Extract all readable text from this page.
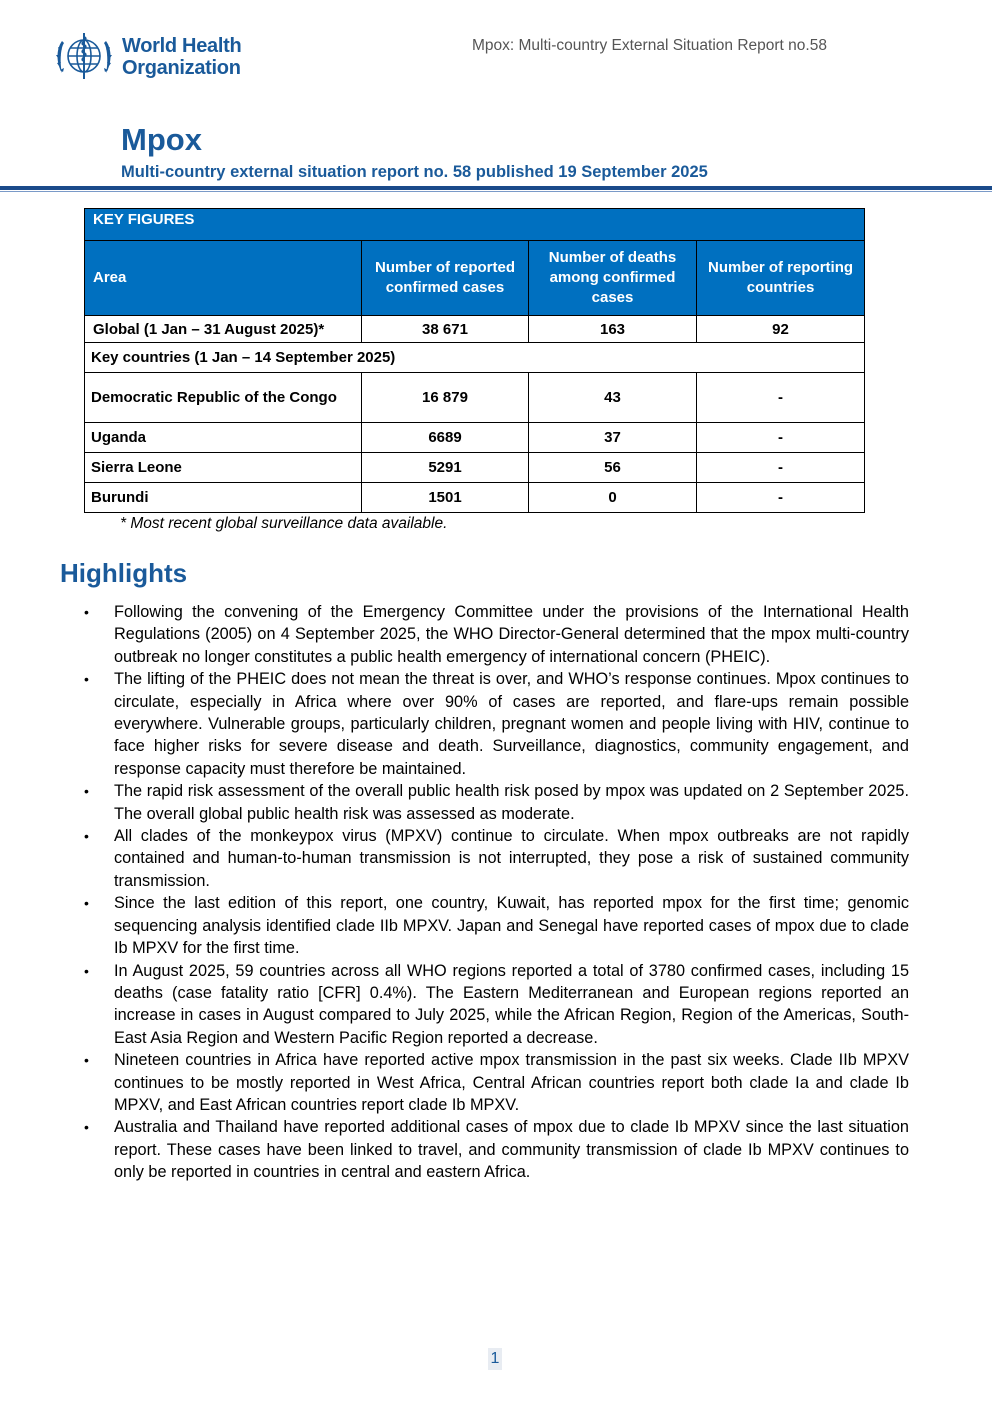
World Health
Organization
Mpox: Multi-country External Situation Report no.58
Mpox
Multi-country external situation report no. 58 published 19 September 2025
KEY FIGURES			
Area	Number of reported confirmed cases	Number of deaths among confirmed cases	Number of reporting countries
Global (1 Jan – 31 August 2025)*	38 671	163	92
Key countries (1 Jan – 14 September 2025)			
Democratic Republic of the Congo	16 879	43	-
Uganda	6689	37	-
Sierra Leone	5291	56	-
Burundi	1501	0	-
* Most recent global surveillance data available.
Highlights
• Following the convening of the Emergency Committee under the provisions of the International Health Regulations (2005) on 4 September 2025, the WHO Director-General determined that the mpox multi-country outbreak no longer constitutes a public health emergency of international concern (PHEIC).
• The lifting of the PHEIC does not mean the threat is over, and WHO’s response continues. Mpox continues to circulate, especially in Africa where over 90% of cases are reported, and flare-ups remain possible everywhere. Vulnerable groups, particularly children, pregnant women and people living with HIV, continue to face higher risks for severe disease and death. Surveillance, diagnostics, community engagement, and response capacity must therefore be maintained.
• The rapid risk assessment of the overall public health risk posed by mpox was updated on 2 September 2025. The overall global public health risk was assessed as moderate.
• All clades of the monkeypox virus (MPXV) continue to circulate. When mpox outbreaks are not rapidly contained and human-to-human transmission is not interrupted, they pose a risk of sustained community transmission.
• Since the last edition of this report, one country, Kuwait, has reported mpox for the first time; genomic sequencing analysis identified clade IIb MPXV. Japan and Senegal have reported cases of mpox due to clade Ib MPXV for the first time.
• In August 2025, 59 countries across all WHO regions reported a total of 3780 confirmed cases, including 15 deaths (case fatality ratio [CFR] 0.4%). The Eastern Mediterranean and European regions reported an increase in cases in August compared to July 2025, while the African Region, Region of the Americas, South-East Asia Region and Western Pacific Region reported a decrease.
• Nineteen countries in Africa have reported active mpox transmission in the past six weeks. Clade IIb MPXV continues to be mostly reported in West Africa, Central African countries report both clade Ia and clade Ib MPXV, and East African countries report clade Ib MPXV.
• Australia and Thailand have reported additional cases of mpox due to clade Ib MPXV since the last situation report. These cases have been linked to travel, and community transmission of clade Ib MPXV continues to only be reported in countries in central and eastern Africa.
1
